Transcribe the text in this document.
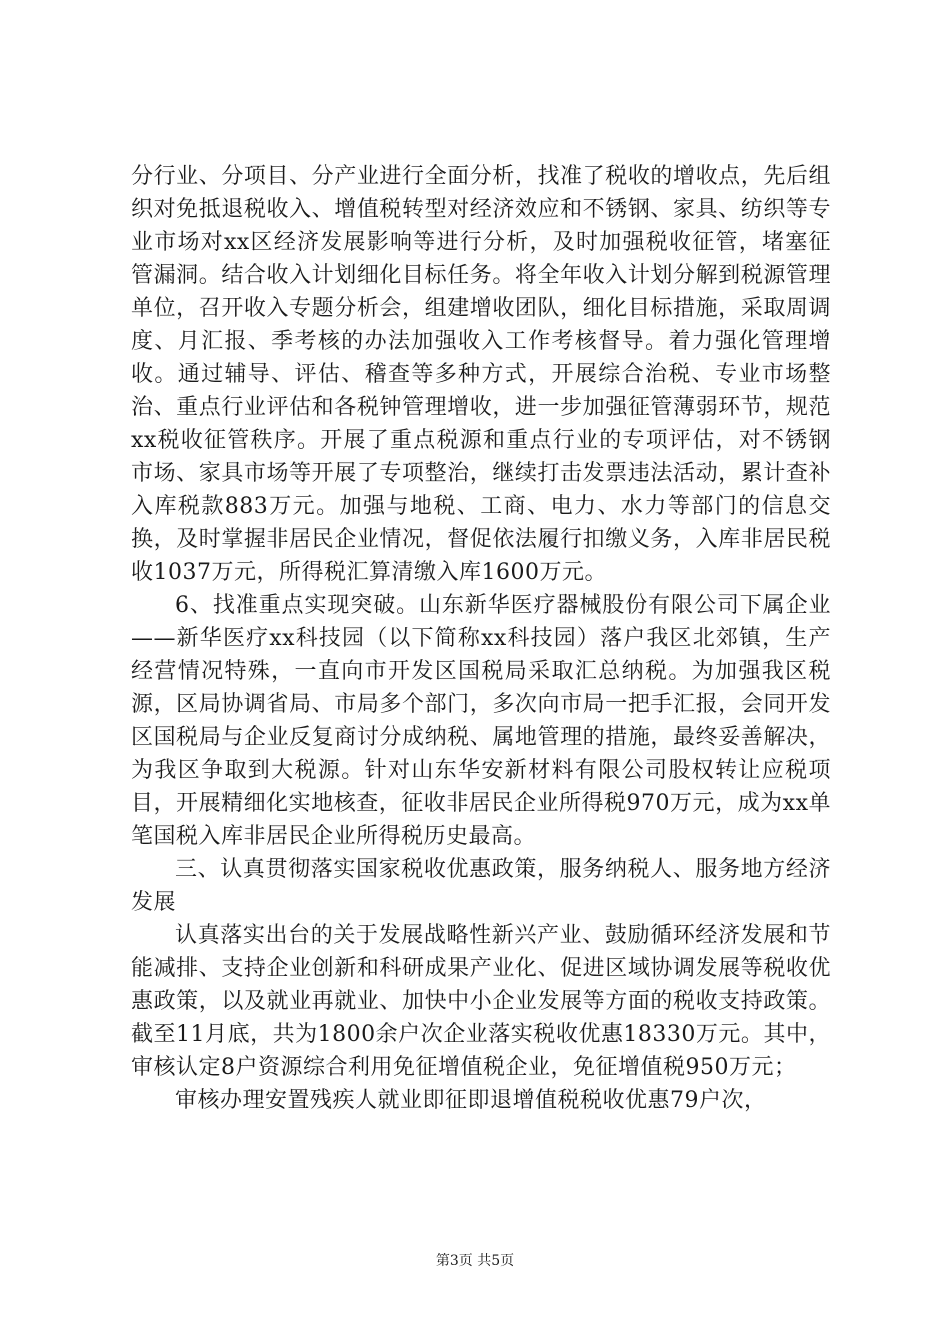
分行业、分项目、分产业进行全面分析，找准了税收的增收点，先后组织对免抵退税收入、增值税转型对经济效应和不锈钢、家具、纺织等专业市场对xx区经济发展影响等进行分析，及时加强税收征管，堵塞征管漏洞。结合收入计划细化目标任务。将全年收入计划分解到税源管理单位，召开收入专题分析会，组建增收团队，细化目标措施，采取周调度、月汇报、季考核的办法加强收入工作考核督导。着力强化管理增收。通过辅导、评估、稽查等多种方式，开展综合治税、专业市场整治、重点行业评估和各税钟管理增收，进一步加强征管薄弱环节，规范xx税收征管秩序。开展了重点税源和重点行业的专项评估，对不锈钢市场、家具市场等开展了专项整治，继续打击发票违法活动，累计查补入库税款883万元。加强与地税、工商、电力、水力等部门的信息交换，及时掌握非居民企业情况，督促依法履行扣缴义务，入库非居民税收1037万元，所得税汇算清缴入库1600万元。

6、找准重点实现突破。山东新华医疗器械股份有限公司下属企业——新华医疗xx科技园（以下简称xx科技园）落户我区北郊镇，生产经营情况特殊，一直向市开发区国税局采取汇总纳税。为加强我区税源，区局协调省局、市局多个部门，多次向市局一把手汇报，会同开发区国税局与企业反复商讨分成纳税、属地管理的措施，最终妥善解决，为我区争取到大税源。针对山东华安新材料有限公司股权转让应税项目，开展精细化实地核查，征收非居民企业所得税970万元，成为xx单笔国税入库非居民企业所得税历史最高。

三、认真贯彻落实国家税收优惠政策，服务纳税人、服务地方经济发展

认真落实出台的关于发展战略性新兴产业、鼓励循环经济发展和节能减排、支持企业创新和科研成果产业化、促进区域协调发展等税收优惠政策，以及就业再就业、加快中小企业发展等方面的税收支持政策。截至11月底，共为1800余户次企业落实税收优惠18330万元。其中，审核认定8户资源综合利用免征增值税企业，免征增值税950万元；

审核办理安置残疾人就业即征即退增值税税收优惠79户次，

第3页 共5页
